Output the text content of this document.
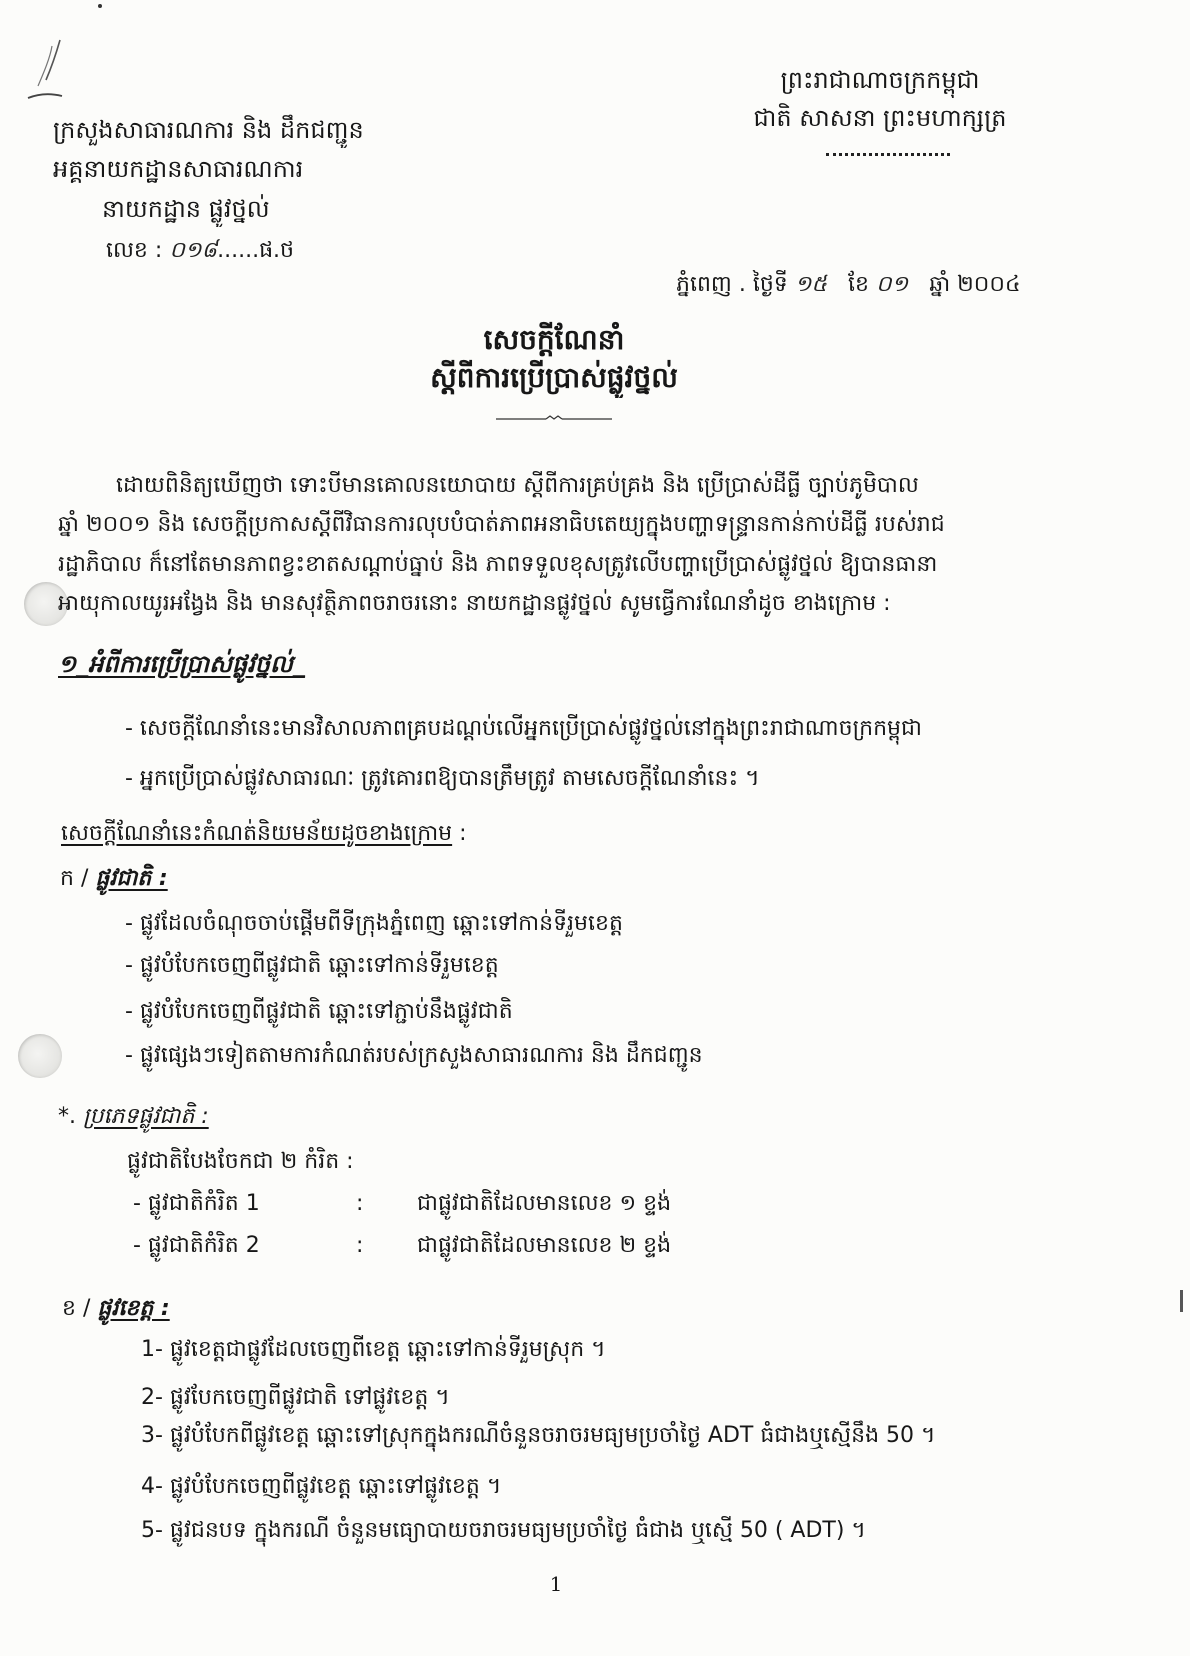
ព្រះរាជាណាចក្រកម្ពុជា
ជាតិ សាសនា ព្រះមហាក្សត្រ
ក្រសួងសាធារណការ និង ដឹកជញ្ជូន
អគ្គនាយកដ្ឋានសាធារណការ
នាយកដ្ឋាន ផ្លូវថ្នល់
លេខ : ០១៨......ផ.ថ
ភ្នំពេញ . ថ្ងៃទី ១៥ ខែ ០១ ឆ្នាំ ២០០៤
សេចក្ដីណែនាំ
ស្ដីពីការប្រើប្រាស់ផ្លូវថ្នល់
ដោយពិនិត្យឃើញថា ទោះបីមានគោលនយោបាយ ស្ដីពីការគ្រប់គ្រង និង ប្រើប្រាស់ដីធ្លី ច្បាប់ភូមិបាល
ឆ្នាំ ២០០១ និង សេចក្ដីប្រកាសស្ដីពីវិធានការលុបបំបាត់ភាពអនាធិបតេយ្យក្នុងបញ្ហាទន្ទ្រានកាន់កាប់ដីធ្លី របស់រាជ
រដ្ឋាភិបាល ក៏នៅតែមានភាពខ្វះខាតសណ្ដាប់ធ្នាប់ និង ភាពទទួលខុសត្រូវលើបញ្ហាប្រើប្រាស់ផ្លូវថ្នល់ ឱ្យបានធានា
អាយុកាលយូរអង្វែង និង មានសុវត្ថិភាពចរាចរនោះ នាយកដ្ឋានផ្លូវថ្នល់ សូមធ្វើការណែនាំដូច ខាងក្រោម :
១_អំពីការប្រើប្រាស់ផ្លូវថ្នល់_
- សេចក្ដីណែនាំនេះមានវិសាលភាពគ្របដណ្ដប់លើអ្នកប្រើប្រាស់ផ្លូវថ្នល់នៅក្នុងព្រះរាជាណាចក្រកម្ពុជា
- អ្នកប្រើប្រាស់ផ្លូវសាធារណៈ ត្រូវគោរពឱ្យបានត្រឹមត្រូវ តាមសេចក្ដីណែនាំនេះ ។
សេចក្ដីណែនាំនេះកំណត់និយមន័យដូចខាងក្រោម :
ក / ផ្លូវជាតិ :
- ផ្លូវដែលចំណុចចាប់ផ្ដើមពីទីក្រុងភ្នំពេញ ឆ្ពោះទៅកាន់ទីរួមខេត្ត
- ផ្លូវបំបែកចេញពីផ្លូវជាតិ ឆ្ពោះទៅកាន់ទីរួមខេត្ត
- ផ្លូវបំបែកចេញពីផ្លូវជាតិ ឆ្ពោះទៅភ្ជាប់នឹងផ្លូវជាតិ
- ផ្លូវផ្សេងៗទៀតតាមការកំណត់របស់ក្រសួងសាធារណការ និង ដឹកជញ្ជូន
*. ប្រភេទផ្លូវជាតិ :
ផ្លូវជាតិបែងចែកជា ២ កំរិត :
- ផ្លូវជាតិកំរិត 1	:	ជាផ្លូវជាតិដែលមានលេខ ១ ខ្ទង់
- ផ្លូវជាតិកំរិត 2	:	ជាផ្លូវជាតិដែលមានលេខ ២ ខ្ទង់
ខ / ផ្លូវខេត្ត :
1- ផ្លូវខេត្តជាផ្លូវដែលចេញពីខេត្ត ឆ្ពោះទៅកាន់ទីរួមស្រុក ។
2- ផ្លូវបែកចេញពីផ្លូវជាតិ ទៅផ្លូវខេត្ត ។
3- ផ្លូវបំបែកពីផ្លូវខេត្ត ឆ្ពោះទៅស្រុកក្នុងករណីចំនួនចរាចរមធ្យមប្រចាំថ្ងៃ ADT ធំជាងឬស្មើនឹង 50 ។
4- ផ្លូវបំបែកចេញពីផ្លូវខេត្ត ឆ្ពោះទៅផ្លូវខេត្ត ។
5- ផ្លូវជនបទ ក្នុងករណី ចំនួនមធ្យោបាយចរាចរមធ្យមប្រចាំថ្ងៃ ធំជាង ឬស្មើ 50 ( ADT) ។
1
